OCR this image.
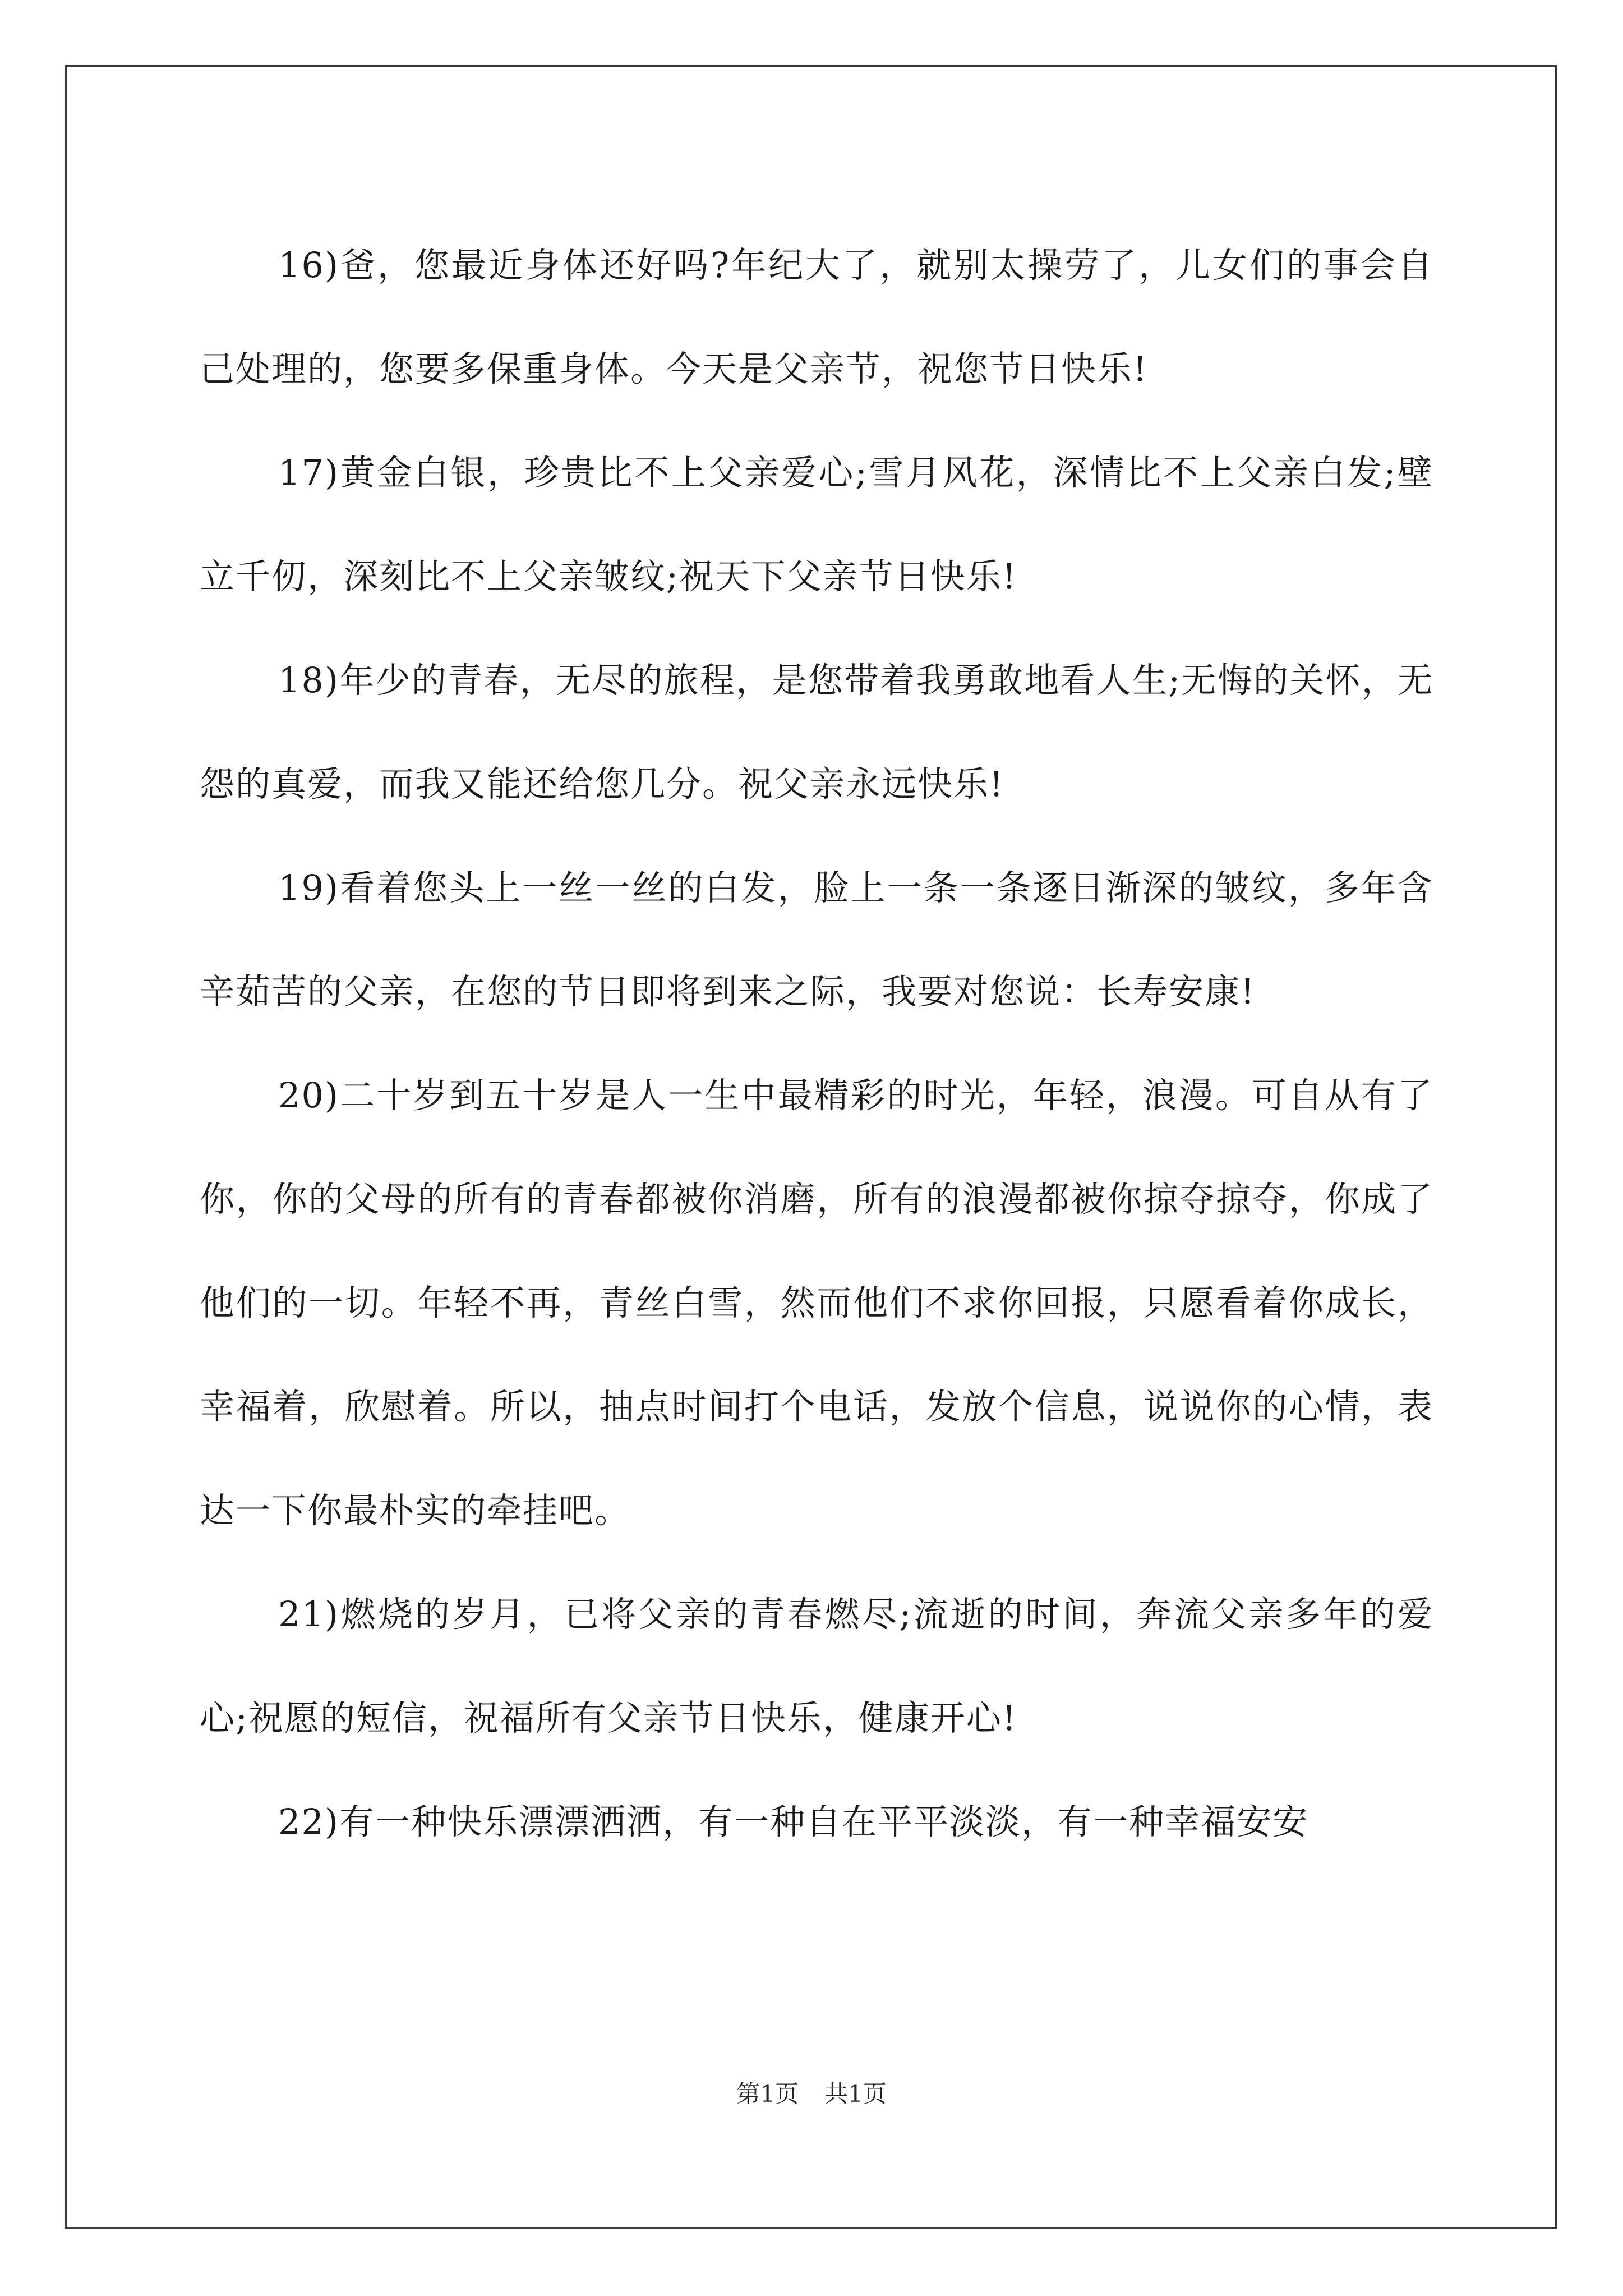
16)爸，您最近身体还好吗?年纪大了，就别太操劳了，儿女们的事会自己处理的，您要多保重身体。今天是父亲节，祝您节日快乐!

17)黄金白银，珍贵比不上父亲爱心;雪月风花，深情比不上父亲白发;壁立千仞，深刻比不上父亲皱纹;祝天下父亲节日快乐!

18)年少的青春，无尽的旅程，是您带着我勇敢地看人生;无悔的关怀，无怨的真爱，而我又能还给您几分。祝父亲永远快乐!

19)看着您头上一丝一丝的白发，脸上一条一条逐日渐深的皱纹，多年含辛茹苦的父亲，在您的节日即将到来之际，我要对您说：长寿安康!

20)二十岁到五十岁是人一生中最精彩的时光，年轻，浪漫。可自从有了你，你的父母的所有的青春都被你消磨，所有的浪漫都被你掠夺掠夺，你成了他们的一切。年轻不再，青丝白雪，然而他们不求你回报，只愿看着你成长，幸福着，欣慰着。所以，抽点时间打个电话，发放个信息，说说你的心情，表达一下你最朴实的牵挂吧。

21)燃烧的岁月，已将父亲的青春燃尽;流逝的时间，奔流父亲多年的爱心;祝愿的短信，祝福所有父亲节日快乐，健康开心!

22)有一种快乐漂漂洒洒，有一种自在平平淡淡，有一种幸福安安

第1页 共1页
